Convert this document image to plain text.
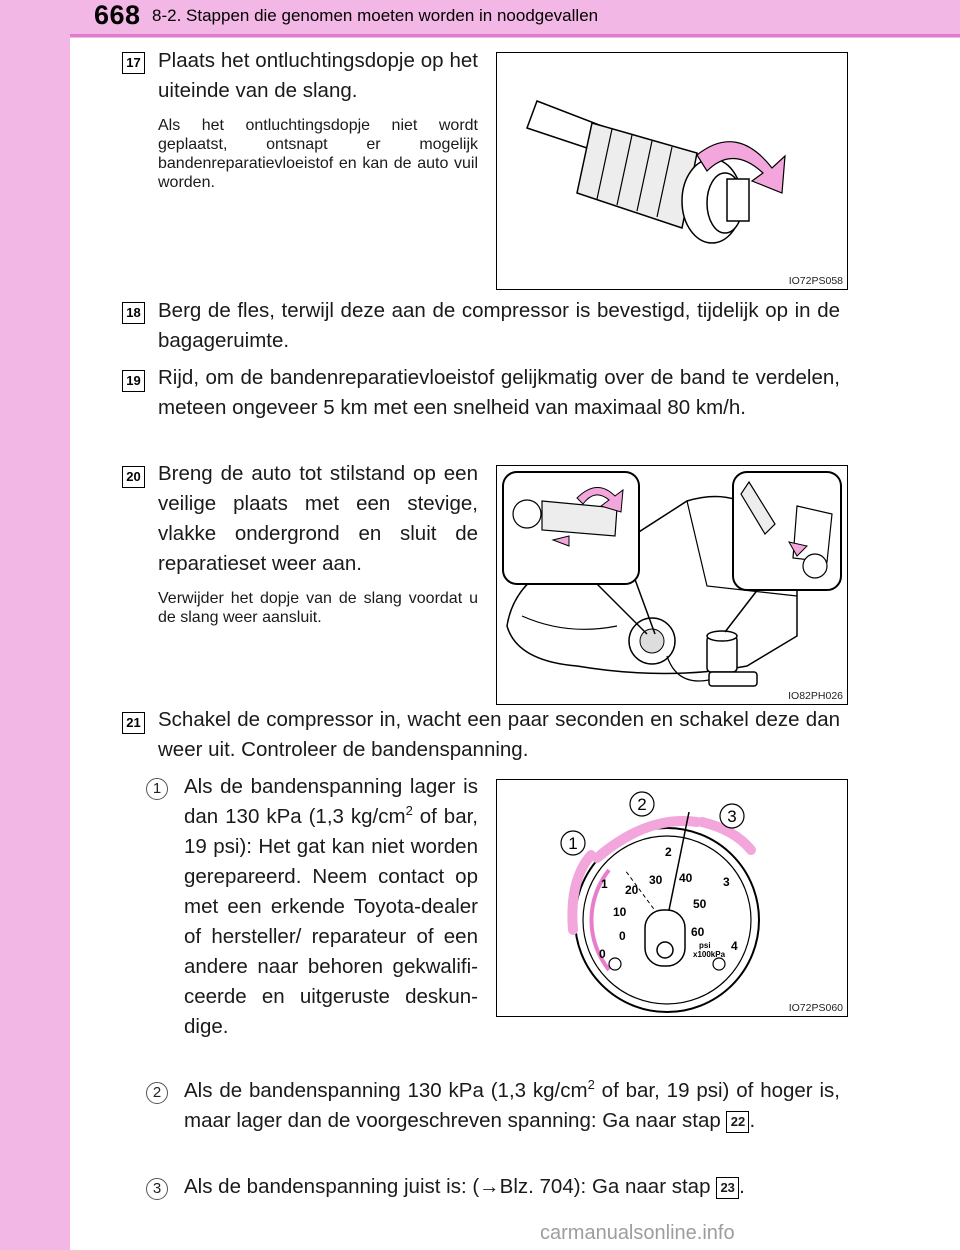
668 8-2. Stappen die genomen moeten worden in noodgevallen
17 Plaats het ontluchtingsdopje op het uiteinde van de slang.
Als het ontluchtingsdopje niet wordt geplaatst, ontsnapt er mogelijk bandenreparatievloeistof en kan de auto vuil worden.
IO72PS058
18 Berg de fles, terwijl deze aan de compressor is bevestigd, tijdelijk op in de bagageruimte.
19 Rijd, om de bandenreparatievloeistof gelijkmatig over de band te verdelen, meteen ongeveer 5 km met een snelheid van maximaal 80 km/h.
20 Breng de auto tot stilstand op een veilige plaats met een stevige, vlakke ondergrond en sluit de reparatieset weer aan.
Verwijder het dopje van de slang voordat u de slang weer aansluit.
IO82PH026
21 Schakel de compressor in, wacht een paar seconden en schakel deze dan weer uit. Controleer de bandenspanning.
1	Als de bandenspanning lager is dan 130 kPa (1,3 $kg/cm^2$ of bar, 19 psi): Het gat kan niet worden gerepareerd. Neem contact op met een erkende Toyota-dealer of hersteller/ reparateur of een andere naar behoren gekwalificeerde en uitgeruste deskundige.
0
1
2
3
4
0
10
20
30 40
50
60
psi
x100kPa
1
2
3
IO72PS060
2	Als de bandenspanning 130 kPa (1,3 $kg/cm^2$ of bar, 19 psi) of hoger is, maar lager dan de voorgeschreven spanning: Ga naar stap 22 .
3	Als de bandenspanning juist is: (→Blz. 704): Ga naar stap 23 .
carmanualsonline.info
